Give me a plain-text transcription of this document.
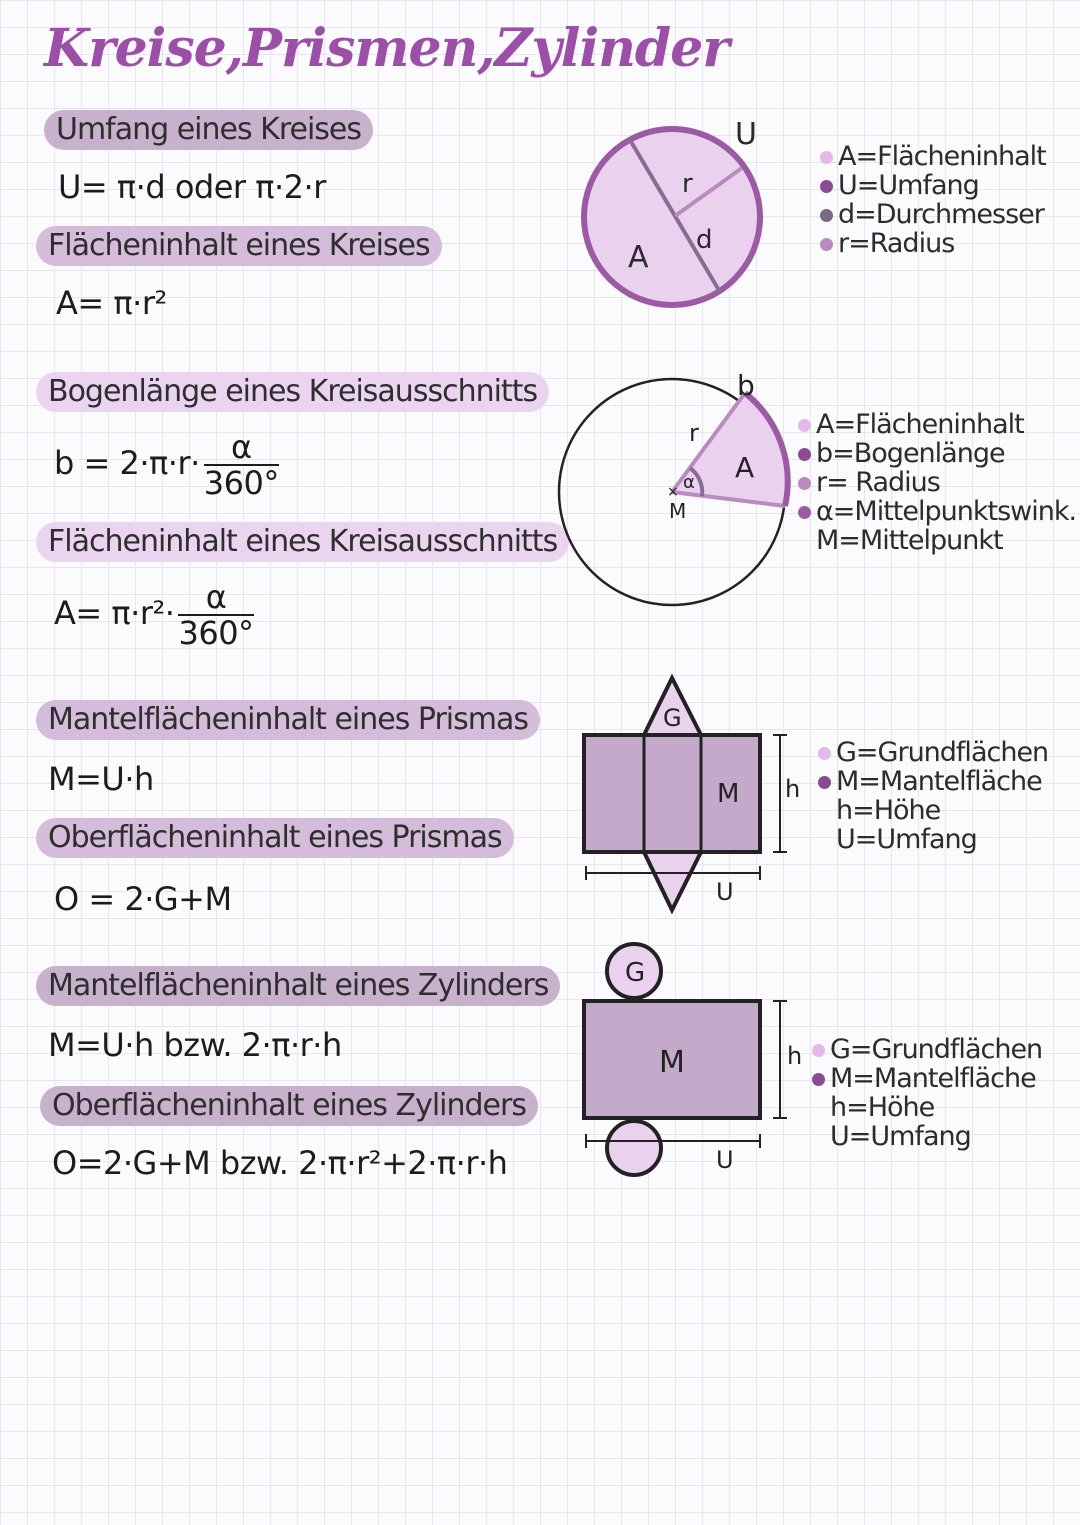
Kreise,Prismen,Zylinder
Umfang eines Kreises
U= π·d oder π·2·r
Flächeninhalt eines Kreises
A= π·r²
Bogenlänge eines Kreisausschnitts
$b = 2\cdot\pi\cdot r\cdot \frac{\alpha}{360^\circ}$
Flächeninhalt eines Kreisausschnitts
$A= \pi\cdot r^2\cdot \frac{\alpha}{360^\circ}$
Mantelflächeninhalt eines Prismas
M=U·h
Oberflächeninhalt eines Prismas
O = 2·G+M
Mantelflächeninhalt eines Zylinders
M=U·h bzw. 2·π·r·h
Oberflächeninhalt eines Zylinders
O=2·G+M bzw. 2·π·r²+2·π·r·h
r
d
A
U
× α
M
r
A
b
G
M h
U
G
M	h
U
A=Flächeninhalt
U=Umfang
d=Durchmesser
r=Radius
A=Flächeninhalt
b=Bogenlänge
r= Radius
α=Mittelpunktswink.
M=Mittelpunkt
G=Grundflächen
M=Mantelfläche
h=Höhe
U=Umfang
G=Grundflächen
M=Mantelfläche
h=Höhe
U=Umfang
